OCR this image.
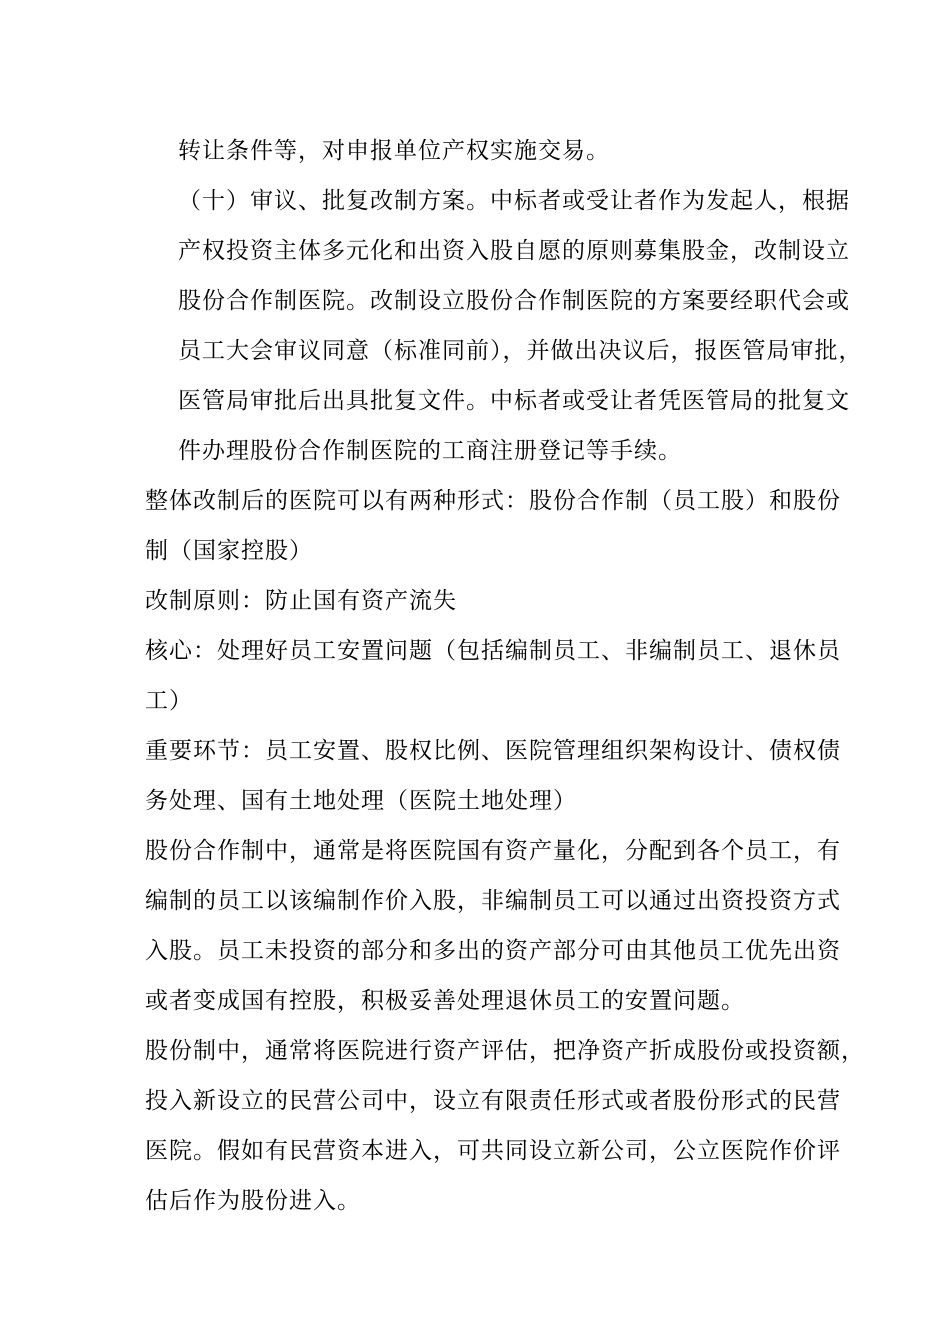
转让条件等，对申报单位产权实施交易。
（十）审议、批复改制方案。中标者或受让者作为发起人，根据
产权投资主体多元化和出资入股自愿的原则募集股金，改制设立
股份合作制医院。改制设立股份合作制医院的方案要经职代会或
员工大会审议同意（标准同前），并做出决议后，报医管局审批，
医管局审批后出具批复文件。中标者或受让者凭医管局的批复文
件办理股份合作制医院的工商注册登记等手续。
整体改制后的医院可以有两种形式：股份合作制（员工股）和股份
制（国家控股）
改制原则：防止国有资产流失
核心：处理好员工安置问题（包括编制员工、非编制员工、退休员
工）
重要环节：员工安置、股权比例、医院管理组织架构设计、债权债
务处理、国有土地处理（医院土地处理）
股份合作制中，通常是将医院国有资产量化，分配到各个员工，有
编制的员工以该编制作价入股，非编制员工可以通过出资投资方式
入股。员工未投资的部分和多出的资产部分可由其他员工优先出资
或者变成国有控股，积极妥善处理退休员工的安置问题。
股份制中，通常将医院进行资产评估，把净资产折成股份或投资额，
投入新设立的民营公司中，设立有限责任形式或者股份形式的民营
医院。假如有民营资本进入，可共同设立新公司，公立医院作价评
估后作为股份进入。
